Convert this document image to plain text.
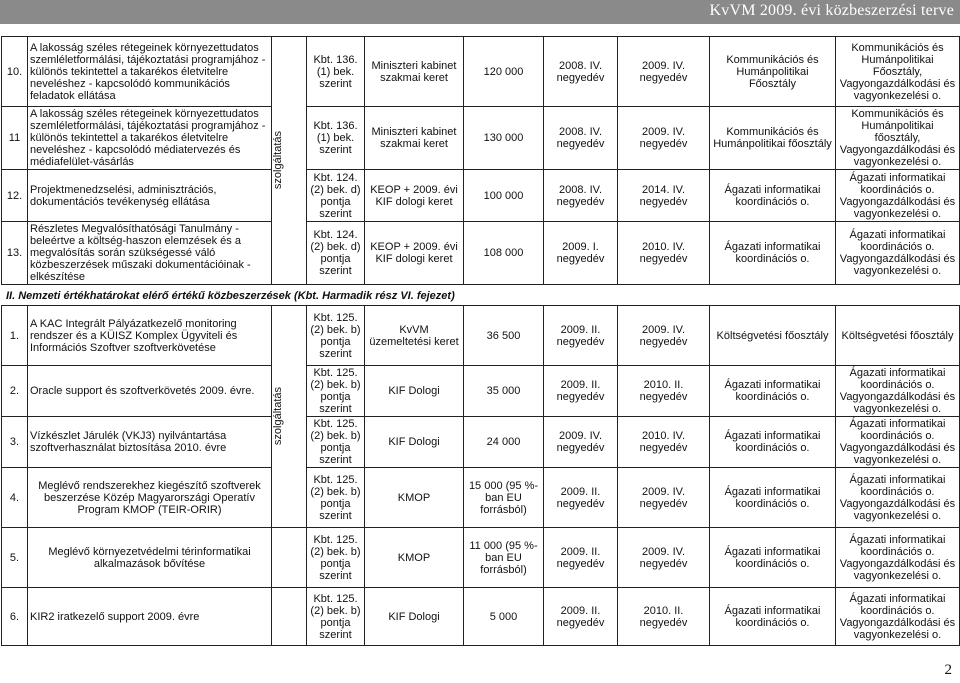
KvVM 2009. évi közbeszerzési terve
10.	A lakosság széles rétegeinek környezettudatos szemléletformálási, tájékoztatási programjához - különös tekintettel a takarékos életvitelre neveléshez - kapcsolódó kommunikációs feladatok ellátása	szolgáltatás	Kbt. 136. (1) bek. szerint	Miniszteri kabinet szakmai keret	120 000	2008. IV. negyedév	2009. IV. negyedév	Kommunikációs és Humánpolitikai Főosztály	Kommunikációs és Humánpolitikai Főosztály, Vagyongazdálkodási és vagyonkezelési o.
11	A lakosság széles rétegeinek környezettudatos szemléletformálási, tájékoztatási programjához - különös tekintettel a takarékos életvitelre neveléshez - kapcsolódó médiatervezés és médiafelület-vásárlás		Kbt. 136. (1) bek. szerint	Miniszteri kabinet szakmai keret	130 000	2008. IV. negyedév	2009. IV. negyedév	Kommunikációs és Humánpolitikai főosztály	Kommunikációs és Humánpolitikai főosztály, Vagyongazdálkodási és vagyonkezelési o.
12.	Projektmenedzselési, adminisztrációs, dokumentációs tevékenység ellátása		Kbt. 124. (2) bek. d) pontja szerint	KEOP + 2009. évi KIF dologi keret	100 000	2008. IV. negyedév	2014. IV. negyedév	Ágazati informatikai koordinációs o.	Ágazati informatikai koordinációs o. Vagyongazdálkodási és vagyonkezelési o.
13.	Részletes Megvalósíthatósági Tanulmány - beleértve a költség-haszon elemzések és a megvalósítás során szükségessé váló közbeszerzések műszaki dokumentációinak - elkészítése		Kbt. 124. (2) bek. d) pontja szerint	KEOP + 2009. évi KIF dologi keret	108 000	2009. I. negyedév	2010. IV. negyedév	Ágazati informatikai koordinációs o.	Ágazati informatikai koordinációs o. Vagyongazdálkodási és vagyonkezelési o.
II. Nemzeti értékhatárokat elérő értékű közbeszerzések (Kbt. Harmadik rész VI. fejezet)
1.	A KAC Integrált Pályázatkezelő monitoring rendszer és a KÜISZ Komplex Ügyviteli és Információs Szoftver szoftverkövetése	szolgáltatás	Kbt. 125. (2) bek. b) pontja szerint	KvVM üzemeltetési keret	36 500	2009. II. negyedév	2009. IV. negyedév	Költségvetési főosztály	Költségvetési főosztály
2.	Oracle support és szoftverkövetés 2009. évre.		Kbt. 125. (2) bek. b) pontja szerint	KIF Dologi	35 000	2009. II. negyedév	2010. II. negyedév	Ágazati informatikai koordinációs o.	Ágazati informatikai koordinációs o. Vagyongazdálkodási és vagyonkezelési o.
3.	Vízkészlet Járulék (VKJ3) nyilvántartása szoftverhasználat biztosítása 2010. évre		Kbt. 125. (2) bek. b) pontja szerint	KIF Dologi	24 000	2009. IV. negyedév	2010. IV. negyedév	Ágazati informatikai koordinációs o.	Ágazati informatikai koordinációs o. Vagyongazdálkodási és vagyonkezelési o.
4.	Meglévő rendszerekhez kiegészítő szoftverek beszerzése Közép Magyarországi Operatív Program KMOP (TEIR-ORIR)		Kbt. 125. (2) bek. b) pontja szerint	KMOP	15 000 (95 %-ban EU forrásból)	2009. II. negyedév	2009. IV. negyedév	Ágazati informatikai koordinációs o.	Ágazati informatikai koordinációs o. Vagyongazdálkodási és vagyonkezelési o.
5.	Meglévő környezetvédelmi térinformatikai alkalmazások bővítése		Kbt. 125. (2) bek. b) pontja szerint	KMOP	11 000 (95 %-ban EU forrásból)	2009. II. negyedév	2009. IV. negyedév	Ágazati informatikai koordinációs o.	Ágazati informatikai koordinációs o. Vagyongazdálkodási és vagyonkezelési o.
6.	KIR2 iratkezelő support 2009. évre		Kbt. 125. (2) bek. b) pontja szerint	KIF Dologi	5 000	2009. II. negyedév	2010. II. negyedév	Ágazati informatikai koordinációs o.	Ágazati informatikai koordinációs o. Vagyongazdálkodási és vagyonkezelési o.
2
